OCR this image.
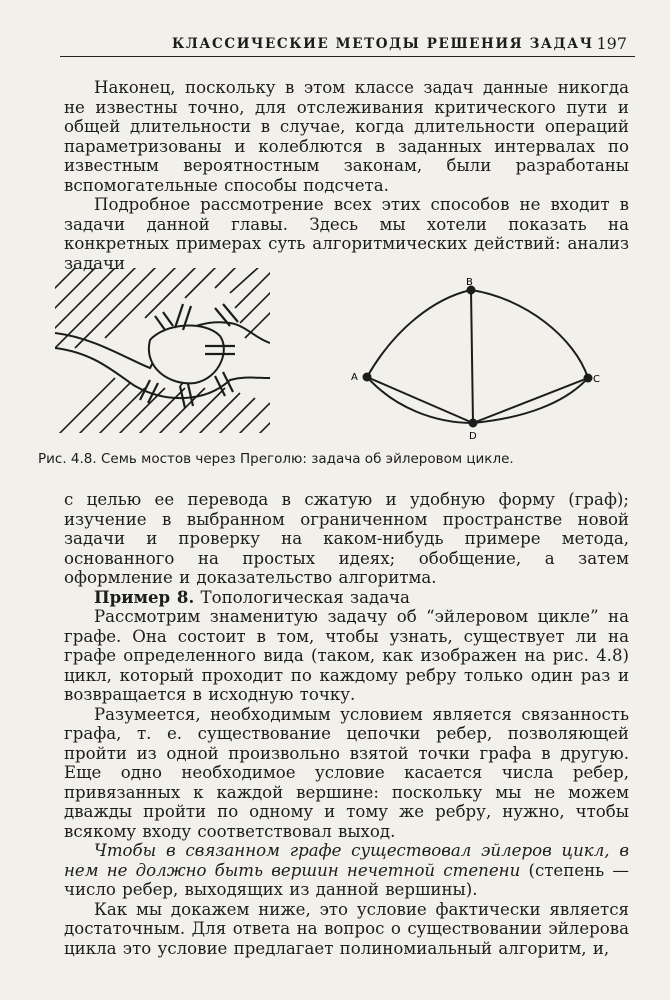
КЛАССИЧЕСКИЕ МЕТОДЫ РЕШЕНИЯ ЗАДАЧ 197

Наконец, поскольку в этом классе задач данные никогда не известны точно, для отслеживания критического пути и общей длительности в случае, когда длительности операций параметризованы и колеблются в заданных интервалах по известным вероятностным законам, были разработаны вспомогательные способы подсчета.

Подробное рассмотрение всех этих способов не входит в задачи данной главы. Здесь мы хотели показать на конкретных примерах суть алгоритмических действий: анализ задачи

A
B
C
D
Рис. 4.8. Семь мостов через Преголю: задача об эйлеровом цикле.

с целью ее перевода в сжатую и удобную форму (граф); изучение в выбранном ограниченном пространстве новой задачи и проверку на каком-нибудь примере метода, основанного на простых идеях; обобщение, а затем оформление и доказательство алгоритма.

Пример 8. Топологическая задача

Рассмотрим знаменитую задачу об “эйлеровом цикле” на графе. Она состоит в том, чтобы узнать, существует ли на графе определенного вида (таком, как изображен на рис. 4.8) цикл, который проходит по каждому ребру только один раз и возвращается в исходную точку.

Разумеется, необходимым условием является связанность графа, т. е. существование цепочки ребер, позволяющей пройти из одной произвольно взятой точки графа в другую. Еще одно необходимое условие касается числа ребер, привязанных к каждой вершине: поскольку мы не можем дважды пройти по одному и тому же ребру, нужно, чтобы всякому входу соответствовал выход.

Чтобы в связанном графе существовал эйлеров цикл, в нем не должно быть вершин нечетной степени (степень — число ребер, выходящих из данной вершины).

Как мы докажем ниже, это условие фактически является достаточным. Для ответа на вопрос о существовании эйлерова цикла это условие предлагает полиномиальный алгоритм, и,
